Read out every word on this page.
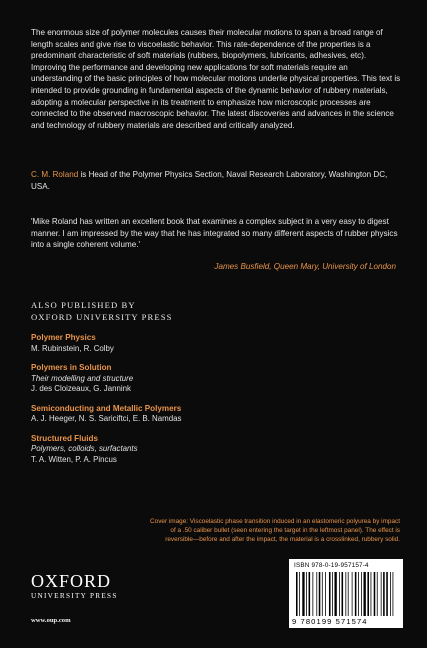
The enormous size of polymer molecules causes their molecular motions to span a broad range of length scales and give rise to viscoelastic behavior. This rate-dependence of the properties is a predominant characteristic of soft materials (rubbers, biopolymers, lubricants, adhesives, etc). Improving the performance and developing new applications for soft materials require an understanding of the basic principles of how molecular motions underlie physical properties. This text is intended to provide grounding in fundamental aspects of the dynamic behavior of rubbery materials, adopting a molecular perspective in its treatment to emphasize how microscopic processes are connected to the observed macroscopic behavior. The latest discoveries and advances in the science and technology of rubbery materials are described and critically analyzed.

C. M. Roland is Head of the Polymer Physics Section, Naval Research Laboratory, Washington DC, USA.

'Mike Roland has written an excellent book that examines a complex subject in a very easy to digest manner. I am impressed by the way that he has integrated so many different aspects of rubber physics into a single coherent volume.'

James Busfield, Queen Mary, University of London

ALSO PUBLISHED BY
OXFORD UNIVERSITY PRESS
Polymer Physics
M. Rubinstein, R. Colby
Polymers in Solution
Their modelling and structure
J. des Cloizeaux, G. Jannink
Semiconducting and Metallic Polymers
A. J. Heeger, N. S. Sariciftci, E. B. Namdas
Structured Fluids
Polymers, colloids, surfactants
T. A. Witten, P. A. Pincus

Cover image: Viscoelastic phase transition induced in an elastomeric polyurea by impact of a .50 caliber bullet (seen entering the target in the leftmost panel). The effect is reversible—before and after the impact, the material is a crosslinked, rubbery solid.

OXFORD
UNIVERSITY PRESS
www.oup.com
ISBN 978-0-19-957157-4
9 780199 571574
